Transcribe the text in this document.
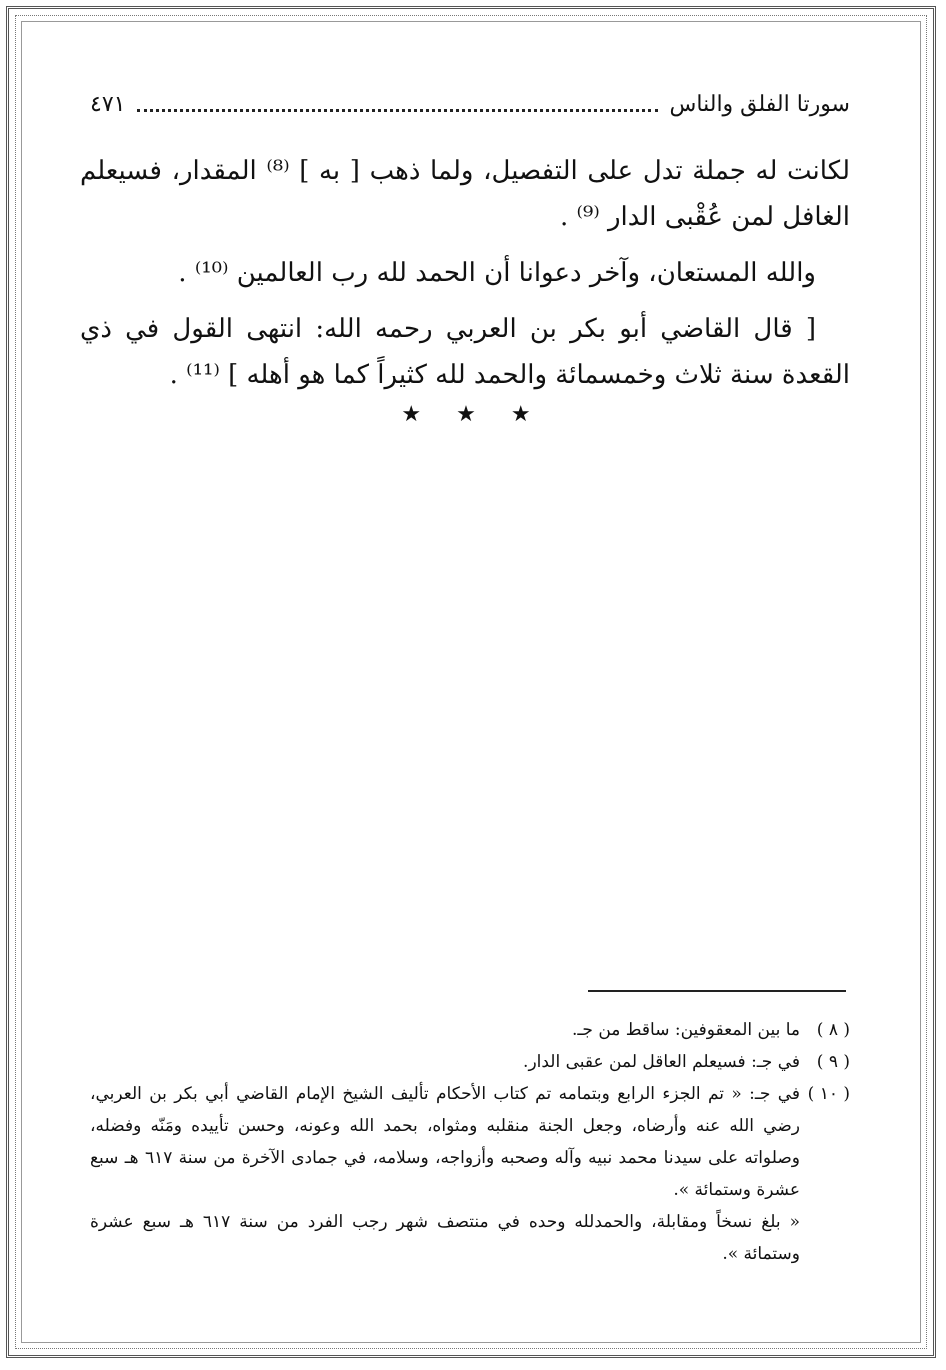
سورتا الفلق والناس
٤٧١

لكانت له جملة تدل على التفصيل، ولما ذهب [ به ] ⁽⁸⁾ المقدار، فسيعلم الغافل لمن عُقْبى الدار ⁽⁹⁾ .

والله المستعان، وآخر دعوانا أن الحمد لله رب العالمين ⁽¹⁰⁾ .

[ قال القاضي أبو بكر بن العربي رحمه الله: انتهى القول في ذي القعدة سنة ثلاث وخمسمائة والحمد لله كثيراً كما هو أهله ] ⁽¹¹⁾ .

★ ★ ★
( ٨ )
ما بين المعقوفين: ساقط من جـ.
( ٩ )
في جـ: فسيعلم العاقل لمن عقبى الدار.
( ١٠ )
في جـ: « تم الجزء الرابع وبتمامه تم كتاب الأحكام تأليف الشيخ الإمام القاضي أبي بكر بن العربي، رضي الله عنه وأرضاه، وجعل الجنة منقلبه ومثواه، بحمد الله وعونه، وحسن تأييده ومَنّه وفضله، وصلواته على سيدنا محمد نبيه وآله وصحبه وأزواجه، وسلامه، في جمادى الآخرة من سنة ٦١٧ هـ سبع عشرة وستمائة ».
« بلغ نسخاً ومقابلة، والحمدلله وحده في منتصف شهر رجب الفرد من سنة ٦١٧ هـ سبع عشرة وستمائة ».
